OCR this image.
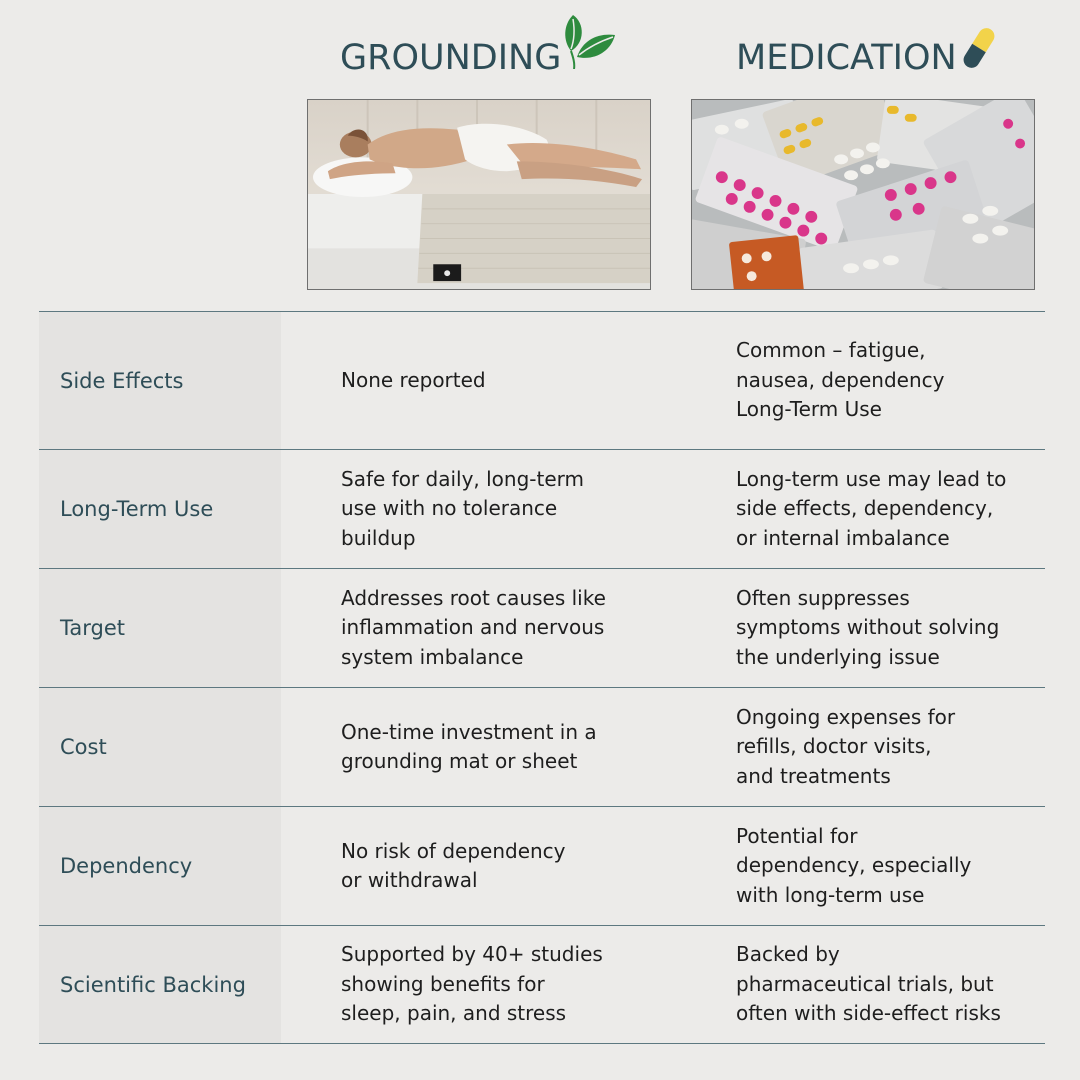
GROUNDING	MEDICATION
Side Effects	None reported
Common – fatigue,
nausea, dependency
Long-Term Use
Long-Term Use
Safe for daily, long-term
use with no tolerance
buildup
Long-term use may lead to
side effects, dependency,
or internal imbalance
Target
Addresses root causes like
inflammation and nervous
system imbalance
Often suppresses
symptoms without solving
the underlying issue
Cost
One-time investment in a
grounding mat or sheet
Ongoing expenses for
refills, doctor visits,
and treatments
Dependency
No risk of dependency
or withdrawal
Potential for
dependency, especially
with long-term use
Scientific Backing
Supported by 40+ studies
showing benefits for
sleep, pain, and stress
Backed by
pharmaceutical trials, but
often with side-effect risks
